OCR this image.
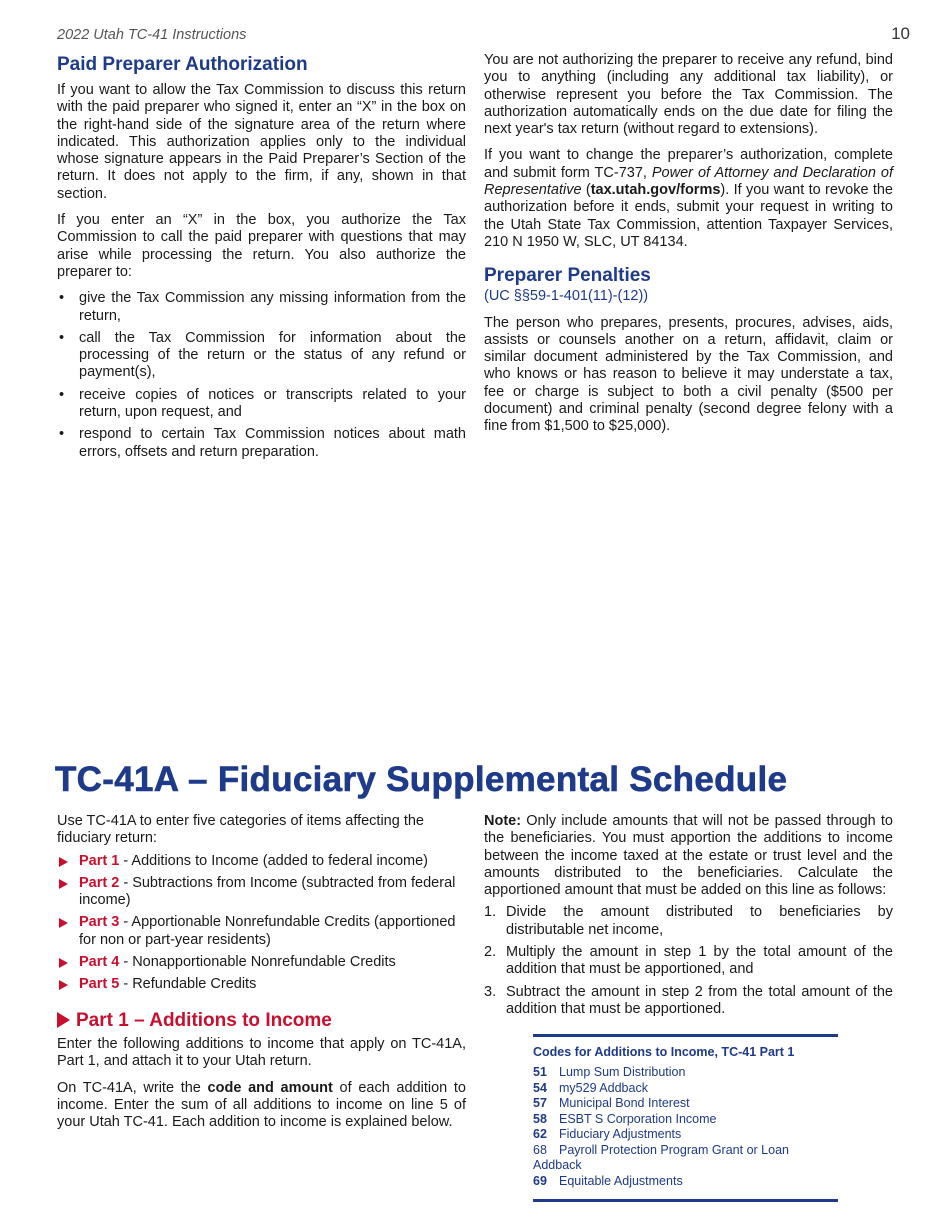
2022 Utah TC-41 Instructions	10
Paid Preparer Authorization

If you want to allow the Tax Commission to discuss this return with the paid preparer who signed it, enter an “X” in the box on the right-hand side of the signature area of the return where indicated. This authorization applies only to the individual whose signature appears in the Paid Preparer’s Section of the return. It does not apply to the firm, if any, shown in that section.

If you enter an “X” in the box, you authorize the Tax Commission to call the paid preparer with questions that may arise while processing the return. You also authorize the preparer to:

• give the Tax Commission any missing information from the return,
• call the Tax Commission for information about the processing of the return or the status of any refund or payment(s),
• receive copies of notices or transcripts related to your return, upon request, and
• respond to certain Tax Commission notices about math errors, offsets and return preparation.

You are not authorizing the preparer to receive any refund, bind you to anything (including any additional tax liability), or otherwise represent you before the Tax Commission. The authorization automatically ends on the due date for filing the next year's tax return (without regard to extensions).

If you want to change the preparer’s authorization, complete and submit form TC-737, Power of Attorney and Declaration of Representative (tax.utah.gov/forms). If you want to revoke the authorization before it ends, submit your request in writing to the Utah State Tax Commission, attention Taxpayer Services, 210 N 1950 W, SLC, UT 84134.

Preparer Penalties
(UC §§59-1-401(11)-(12))

The person who prepares, presents, procures, advises, aids, assists or counsels another on a return, affidavit, claim or similar document administered by the Tax Commission, and who knows or has reason to believe it may understate a tax, fee or charge is subject to both a civil penalty ($500 per document) and criminal penalty (second degree felony with a fine from $1,500 to $25,000).

TC-41A – Fiduciary Supplemental Schedule

Use TC-41A to enter five categories of items affecting the fiduciary return:

Part 1 - Additions to Income (added to federal income)
Part 2 - Subtractions from Income (subtracted from federal income)
Part 3 - Apportionable Nonrefundable Credits (apportioned for non or part-year residents)
Part 4 - Nonapportionable Nonrefundable Credits
Part 5 - Refundable Credits
Part 1 – Additions to Income

Enter the following additions to income that apply on TC-41A, Part 1, and attach it to your Utah return.

On TC-41A, write the code and amount of each addition to income. Enter the sum of all additions to income on line 5 of your Utah TC-41. Each addition to income is explained below.

Note: Only include amounts that will not be passed through to the beneficiaries. You must apportion the additions to income between the income taxed at the estate or trust level and the amounts distributed to the beneficiaries. Calculate the apportioned amount that must be added on this line as follows:

1. Divide the amount distributed to beneficiaries by distributable net income,
2. Multiply the amount in step 1 by the total amount of the addition that must be apportioned, and
3. Subtract the amount in step 2 from the total amount of the addition that must be apportioned.
Codes for Additions to Income, TC-41 Part 1
51 Lump Sum Distribution
54 my529 Addback
57 Municipal Bond Interest
58 ESBT S Corporation Income
62 Fiduciary Adjustments
68 Payroll Protection Program Grant or Loan Addback
69 Equitable Adjustments
